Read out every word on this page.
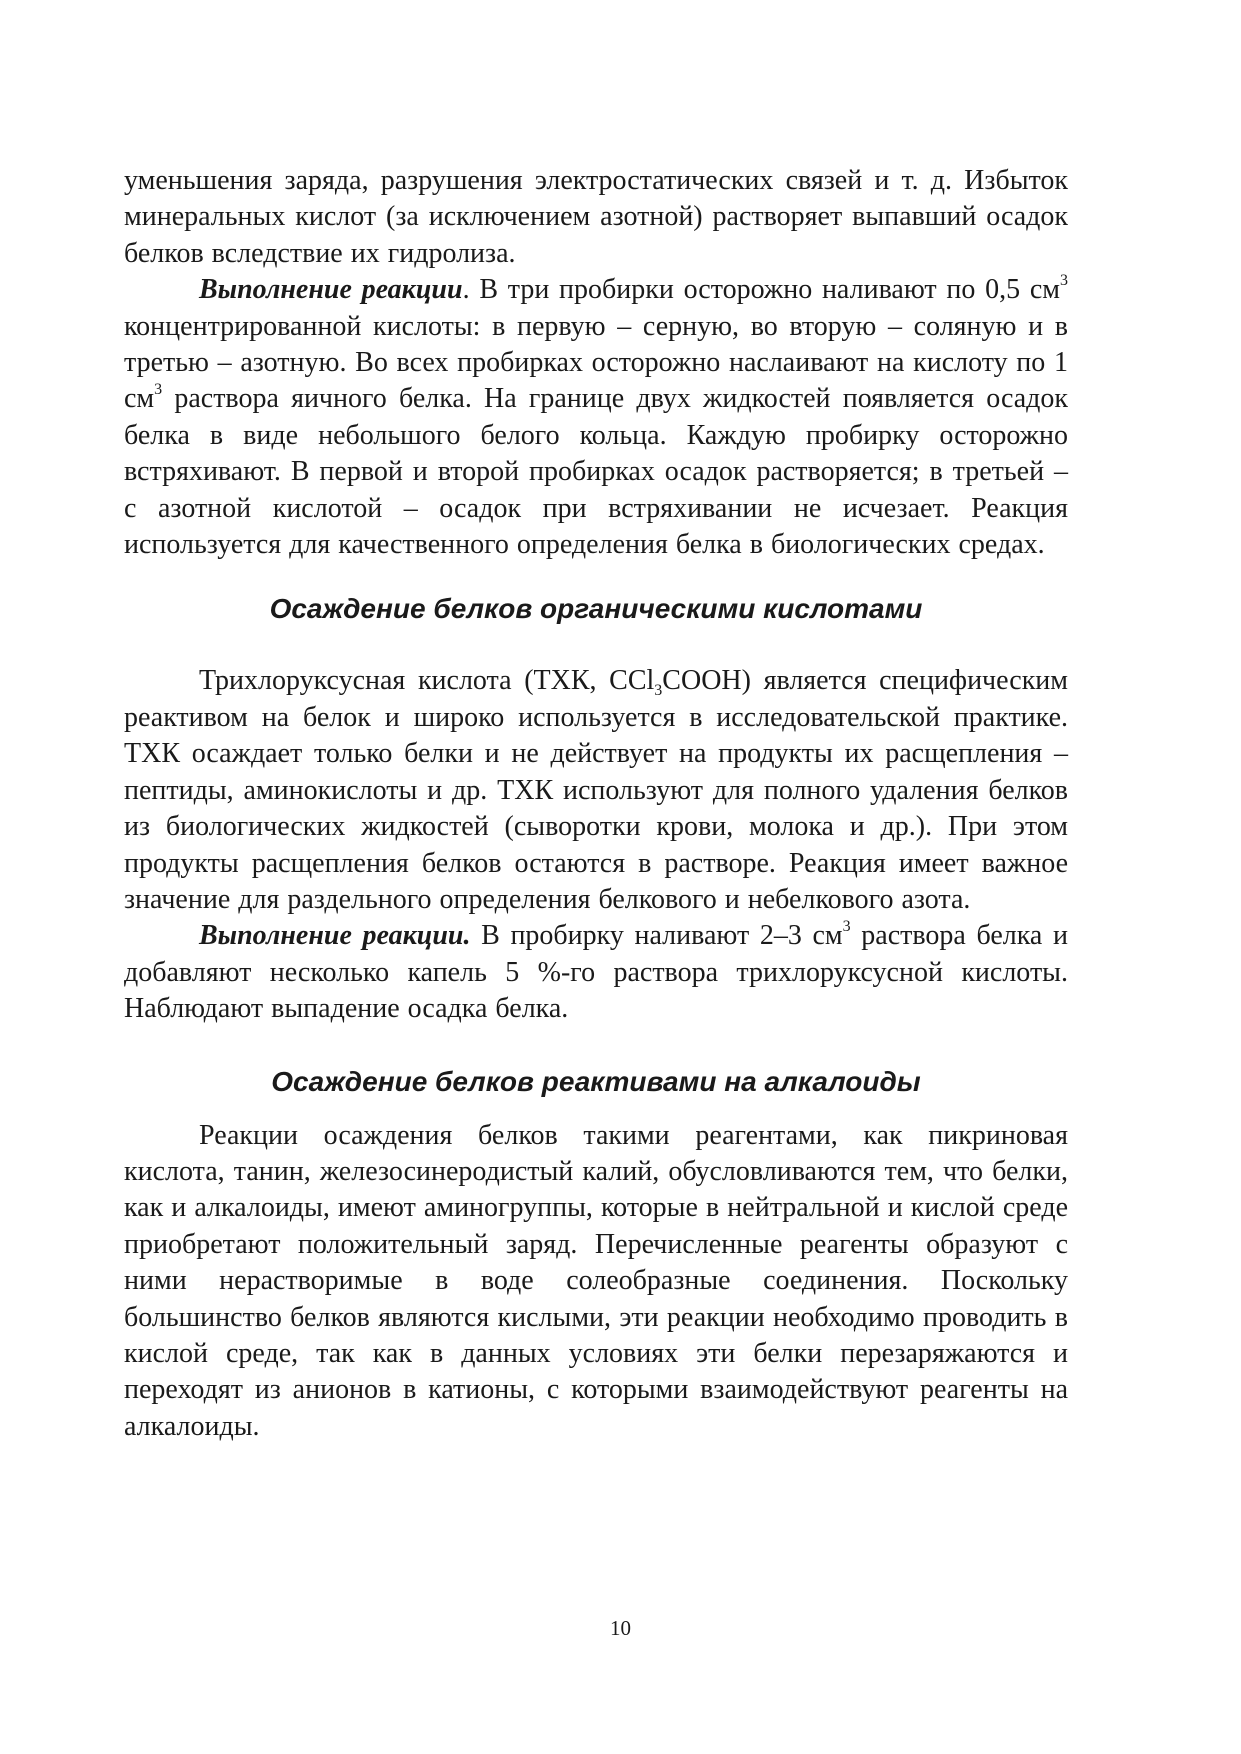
уменьшения заряда, разрушения электростатических связей и т. д. Избыток минеральных кислот (за исключением азотной) растворяет выпавший осадок белков вследствие их гидролиза.

Выполнение реакции. В три пробирки осторожно наливают по 0,5 $см^3$ концентрированной кислоты: в первую – серную, во вторую – соляную и в третью – азотную. Во всех пробирках осторожно наслаивают на кислоту по 1 $см^3$ раствора яичного белка. На границе двух жидкостей появляется осадок белка в виде небольшого белого кольца. Каждую пробирку осторожно встряхивают. В первой и второй пробирках осадок растворяется; в третьей – с азотной кислотой – осадок при встряхивании не исчезает. Реакция используется для качественного определения белка в биологических средах.

Осаждение белков органическими кислотами

Трихлоруксусная кислота (ТХК, CCl$_3$COOH) является специфическим реактивом на белок и широко используется в исследовательской практике. ТХК осаждает только белки и не действует на продукты их расщепления – пептиды, аминокислоты и др. ТХК используют для полного удаления белков из биологических жидкостей (сыворотки крови, молока и др.). При этом продукты расщепления белков остаются в растворе. Реакция имеет важное значение для раздельного определения белкового и небелкового азота.

Выполнение реакции. В пробирку наливают 2–3 $см^3$ раствора белка и добавляют несколько капель 5 %-го раствора трихлоруксусной кислоты. Наблюдают выпадение осадка белка.

Осаждение белков реактивами на алкалоиды

Реакции осаждения белков такими реагентами, как пикриновая кислота, танин, железосинеродистый калий, обусловливаются тем, что белки, как и алкалоиды, имеют аминогруппы, которые в нейтральной и кислой среде приобретают положительный заряд. Перечисленные реагенты образуют с ними нерастворимые в воде солеобразные соединения. Поскольку большинство белков являются кислыми, эти реакции необходимо проводить в кислой среде, так как в данных условиях эти белки перезаряжаются и переходят из анионов в катионы, с которыми взаимодействуют реагенты на алкалоиды.

10
